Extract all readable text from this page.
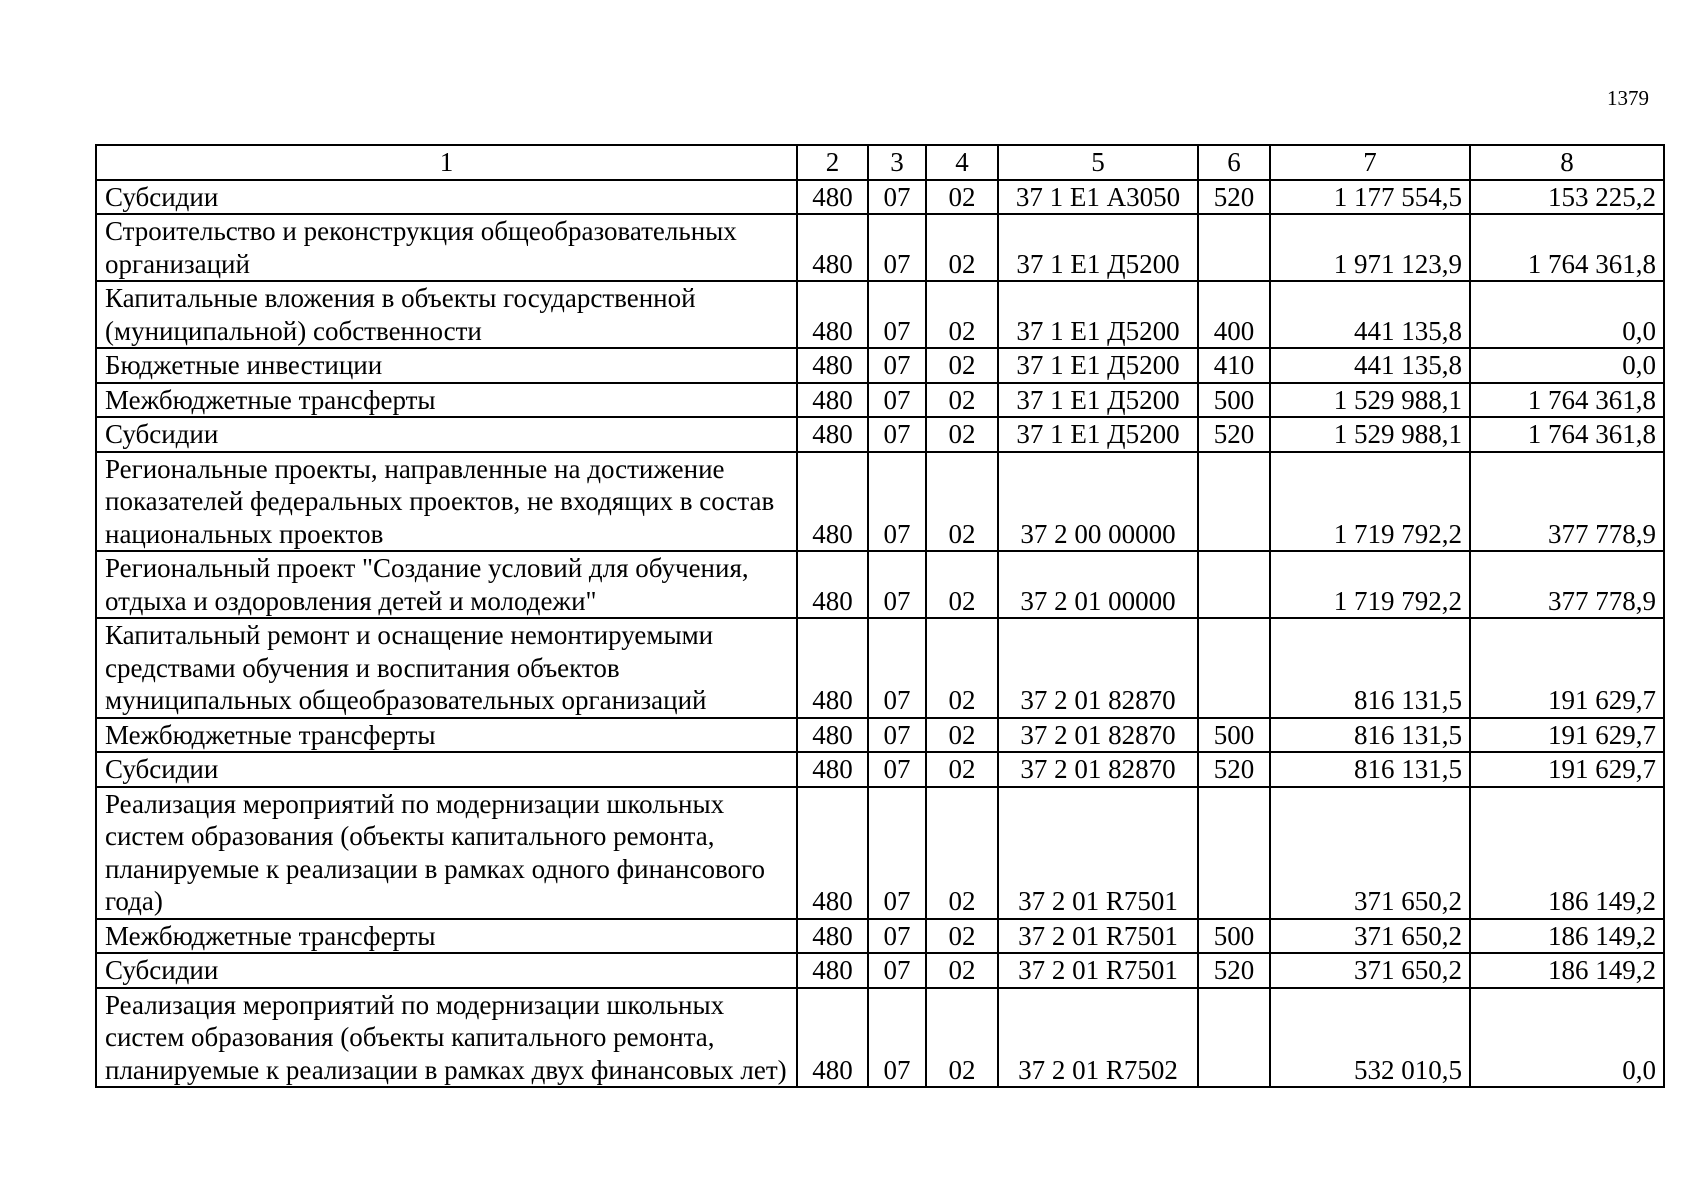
1379
1	2	3	4	5	6	7	8
Субсидии	480	07	02	37 1 Е1 А3050	520	1 177 554,5	153 225,2
Строительство и реконструкция общеобразовательных организаций	480	07	02	37 1 Е1 Д5200		1 971 123,9	1 764 361,8
Капитальные вложения в объекты государственной (муниципальной) собственности	480	07	02	37 1 Е1 Д5200	400	441 135,8	0,0
Бюджетные инвестиции	480	07	02	37 1 Е1 Д5200	410	441 135,8	0,0
Межбюджетные трансферты	480	07	02	37 1 Е1 Д5200	500	1 529 988,1	1 764 361,8
Субсидии	480	07	02	37 1 Е1 Д5200	520	1 529 988,1	1 764 361,8
Региональные проекты, направленные на достижение показателей федеральных проектов, не входящих в состав национальных проектов	480	07	02	37 2 00 00000		1 719 792,2	377 778,9
Региональный проект "Создание условий для обучения, отдыха и оздоровления детей и молодежи"	480	07	02	37 2 01 00000		1 719 792,2	377 778,9
Капитальный ремонт и оснащение немонтируемыми средствами обучения и воспитания объектов муниципальных общеобразовательных организаций	480	07	02	37 2 01 82870		816 131,5	191 629,7
Межбюджетные трансферты	480	07	02	37 2 01 82870	500	816 131,5	191 629,7
Субсидии	480	07	02	37 2 01 82870	520	816 131,5	191 629,7
Реализация мероприятий по модернизации школьных систем образования (объекты капитального ремонта, планируемые к реализации в рамках одного финансового года)	480	07	02	37 2 01 R7501		371 650,2	186 149,2
Межбюджетные трансферты	480	07	02	37 2 01 R7501	500	371 650,2	186 149,2
Субсидии	480	07	02	37 2 01 R7501	520	371 650,2	186 149,2
Реализация мероприятий по модернизации школьных систем образования (объекты капитального ремонта, планируемые к реализации в рамках двух финансовых лет)	480	07	02	37 2 01 R7502		532 010,5	0,0
